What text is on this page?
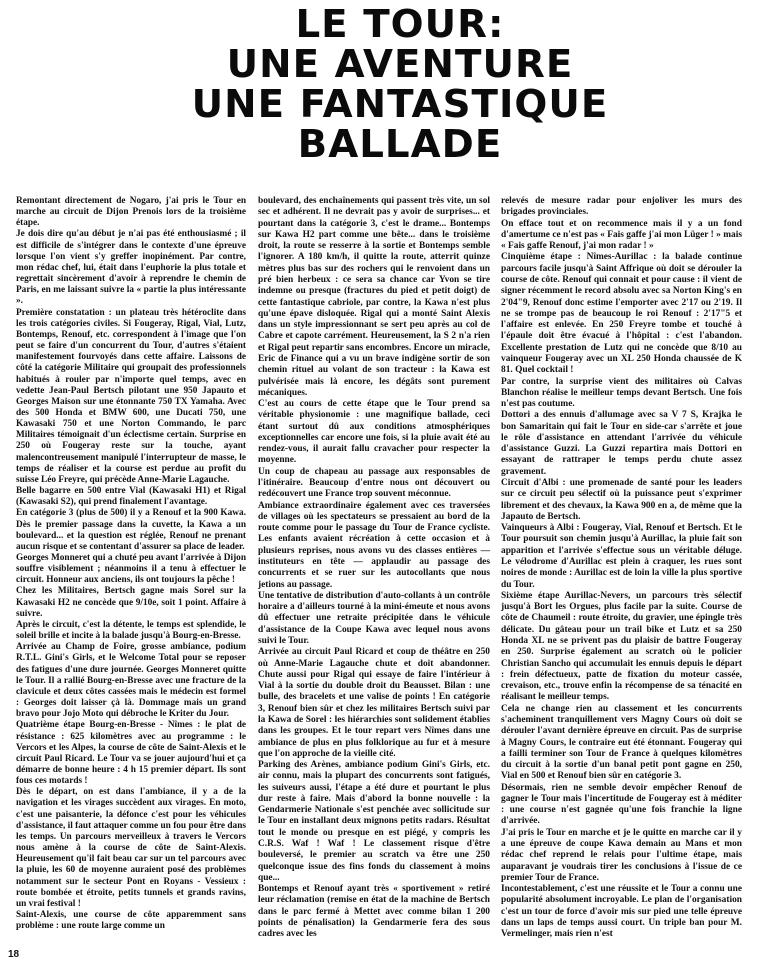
LE TOUR:
UNE AVENTURE
UNE FANTASTIQUE
BALLADE

Remontant directement de Nogaro, j'ai pris le Tour en marche au circuit de Dijon Prenois lors de la troisième étape.

Je dois dire qu'au début je n'ai pas été enthousiasmé ; il est difficile de s'intégrer dans le contexte d'une épreuve lorsque l'on vient s'y greffer inopinément. Par contre, mon rédac chef, lui, était dans l'euphorie la plus totale et regrettait sincèrement d'avoir à reprendre le chemin de Paris, en me laissant suivre la « partie la plus intéressante ».

Première constatation : un plateau très hétéroclite dans les trois catégories civiles. Si Fougeray, Rigal, Vial, Lutz, Bontemps, Renouf, etc. correspondent à l'image que l'on peut se faire d'un concurrent du Tour, d'autres s'étaient manifestement fourvoyés dans cette affaire. Laissons de côté la catégorie Militaire qui groupait des professionnels habitués à rouler par n'importe quel temps, avec en vedette Jean-Paul Bertsch pilotant une 950 Japauto et Georges Maison sur une étonnante 750 TX Yamaha. Avec des 500 Honda et BMW 600, une Ducati 750, une Kawasaki 750 et une Norton Commando, le parc Militaires témoignait d'un éclectisme certain. Surprise en 250 où Fougeray reste sur la touche, ayant malencontreusement manipulé l'interrupteur de masse, le temps de réaliser et la course est perdue au profit du suisse Léo Freyre, qui précède Anne-Marie Lagauche.

Belle bagarre en 500 entre Vial (Kawasaki H1) et Rigal (Kawasaki S2), qui prend finalement l'avantage.

En catégorie 3 (plus de 500) il y a Renouf et la 900 Kawa. Dès le premier passage dans la cuvette, la Kawa a un boulevard... et la question est réglée, Renouf ne prenant aucun risque et se contentant d'assurer sa place de leader.

Georges Monneret qui a chuté peu avant l'arrivée à Dijon souffre visiblement ; néanmoins il a tenu à effectuer le circuit. Honneur aux anciens, ils ont toujours la pêche !

Chez les Militaires, Bertsch gagne mais Sorel sur la Kawasaki H2 ne concède que 9/10e, soit 1 point. Affaire à suivre.

Après le circuit, c'est la détente, le temps est splendide, le soleil brille et incite à la balade jusqu'à Bourg-en-Bresse.

Arrivée au Champ de Foire, grosse ambiance, podium R.T.L. Gini's Girls, et le Welcome Total pour se reposer des fatigues d'une dure journée. Georges Monneret quitte le Tour. Il a rallié Bourg-en-Bresse avec une fracture de la clavicule et deux côtes cassées mais le médecin est formel : Georges doit laisser çà là. Dommage mais un grand bravo pour Jojo Moto qui débroche le Kriter du Jour.

Quatrième étape Bourg-en-Bresse - Nîmes : le plat de résistance : 625 kilomètres avec au programme : le Vercors et les Alpes, la course de côte de Saint-Alexis et le circuit Paul Ricard. Le Tour va se jouer aujourd'hui et ça démarre de bonne heure : 4 h 15 premier départ. Ils sont fous ces motards !

Dès le départ, on est dans l'ambiance, il y a de la navigation et les virages succèdent aux virages. En moto, c'est une paisanterie, la défonce c'est pour les véhicules d'assistance, il faut attaquer comme un fou pour être dans les temps. Un parcours merveilleux à travers le Vercors nous amène à la course de côte de Saint-Alexis. Heureusement qu'il fait beau car sur un tel parcours avec la pluie, les 60 de moyenne auraient posé des problèmes notamment sur le secteur Pont en Royans - Vessieux : route bombée et étroite, petits tunnels et grands ravins, un vrai festival !

Saint-Alexis, une course de côte apparemment sans problème : une route large comme un

boulevard, des enchaînements qui passent très vite, un sol sec et adhérent. Il ne devrait pas y avoir de surprises... et pourtant dans la catégorie 3, c'est le drame... Bontemps sur Kawa H2 part comme une bête... dans le troisième droit, la route se resserre à la sortie et Bontemps semble l'ignorer. A 180 km/h, il quitte la route, atterrit quinze mètres plus bas sur des rochers qui le renvoient dans un pré bien herbeux : ce sera sa chance car Yvon se tire indemne ou presque (fractures du pied et petit doigt) de cette fantastique cabriole, par contre, la Kawa n'est plus qu'une épave disloquée. Rigal qui a monté Saint Alexis dans un style impressionnant se sert peu après au col de Cabre et capote carrément. Heureusement, la S 2 n'a rien et Rigal peut repartir sans encombres. Encore un miracle, Eric de Finance qui a vu un brave indigène sortir de son chemin rituel au volant de son tracteur : la Kawa est pulvérisée mais là encore, les dégâts sont purement mécaniques.

C'est au cours de cette étape que le Tour prend sa véritable physionomie : une magnifique ballade, ceci étant surtout dû aux conditions atmosphériques exceptionnelles car encore une fois, si la pluie avait été au rendez-vous, il aurait fallu cravacher pour respecter la moyenne.

Un coup de chapeau au passage aux responsables de l'itinéraire. Beaucoup d'entre nous ont découvert ou redécouvert une France trop souvent méconnue.

Ambiance extraordinaire également avec ces traversées de villages où les spectateurs se pressaient au bord de la route comme pour le passage du Tour de France cycliste. Les enfants avaient récréation à cette occasion et à plusieurs reprises, nous avons vu des classes entières — instituteurs en tête — applaudir au passage des concurrents et se ruer sur les autocollants que nous jetions au passage.

Une tentative de distribution d'auto-collants à un contrôle horaire a d'ailleurs tourné à la mini-émeute et nous avons dû effectuer une retraite précipitée dans le véhicule d'assistance de la Coupe Kawa avec lequel nous avons suivi le Tour.

Arrivée au circuit Paul Ricard et coup de théâtre en 250 où Anne-Marie Lagauche chute et doit abandonner. Chute aussi pour Rigal qui essaye de faire l'intérieur à Vial à la sortie du double droit du Beausset. Bilan : une bulle, des bracelets et une valise de points ! En catégorie 3, Renouf bien sûr et chez les militaires Bertsch suivi par la Kawa de Sorel : les hiérarchies sont solidement établies dans les groupes. Et le tour repart vers Nîmes dans une ambiance de plus en plus folklorique au fur et à mesure que l'on approche de la vieille cité.

Parking des Arènes, ambiance podium Gini's Girls, etc. air connu, mais la plupart des concurrents sont fatigués, les suiveurs aussi, l'étape a été dure et pourtant le plus dur reste à faire. Mais d'abord la bonne nouvelle : la Gendarmerie Nationale s'est penchée avec sollicitude sur le Tour en installant deux mignons petits radars. Résultat tout le monde ou presque en est piégé, y compris les C.R.S. Waf ! Waf ! Le classement risque d'être bouleversé, le premier au scratch va être une 250 quelconque issue des fins fonds du classement à moins que...

Bontemps et Renouf ayant très « sportivement » retiré leur réclamation (remise en état de la machine de Bertsch dans le parc fermé à Mettet avec comme bilan 1 200 points de pénalisation) la Gendarmerie fera des sous cadres avec les

relevés de mesure radar pour enjoliver les murs des brigades provinciales.

On efface tout et on recommence mais il y a un fond d'amertume ce n'est pas « Fais gaffe j'ai mon Lüger ! » mais « Fais gaffe Renouf, j'ai mon radar ! »

Cinquième étape : Nîmes-Aurillac : la balade continue parcours facile jusqu'à Saint Affrique où doit se dérouler la course de côte. Renouf qui connait et pour cause : il vient de signer récemment le record absolu avec sa Norton King's en 2'04"9, Renouf donc estime l'emporter avec 2'17 ou 2'19. Il ne se trompe pas de beaucoup le roi Renouf : 2'17"5 et l'affaire est enlevée. En 250 Freyre tombe et touché à l'épaule doit être évacué à l'hôpital : c'est l'abandon. Excellente prestation de Lutz qui ne concède que 8/10 au vainqueur Fougeray avec un XL 250 Honda chaussée de K 81. Quel cocktail !

Par contre, la surprise vient des militaires où Calvas Blanchon réalise le meilleur temps devant Bertsch. Une fois n'est pas coutume.

Dottori a des ennuis d'allumage avec sa V 7 S, Krajka le bon Samaritain qui fait le Tour en side-car s'arrête et joue le rôle d'assistance en attendant l'arrivée du véhicule d'assistance Guzzi. La Guzzi repartira mais Dottori en essayant de rattraper le temps perdu chute assez gravement.

Circuit d'Albi : une promenade de santé pour les leaders sur ce circuit peu sélectif où la puissance peut s'exprimer librement et des chevaux, la Kawa 900 en a, de même que la Japauto de Bertsch.

Vainqueurs à Albi : Fougeray, Vial, Renouf et Bertsch. Et le Tour poursuit son chemin jusqu'à Aurillac, la pluie fait son apparition et l'arrivée s'effectue sous un véritable déluge. Le vélodrome d'Aurillac est plein à craquer, les rues sont noires de monde : Aurillac est de loin la ville la plus sportive du Tour.

Sixième étape Aurillac-Nevers, un parcours très sélectif jusqu'à Bort les Orgues, plus facile par la suite. Course de côte de Chaumeil : route étroite, du gravier, une épingle très délicate. Du gâteau pour un trail bike et Lutz et sa 250 Honda XL ne se privent pas du plaisir de battre Fougeray en 250. Surprise également au scratch où le policier Christian Sancho qui accumulait les ennuis depuis le départ : frein défectueux, patte de fixation du moteur cassée, crevaison, etc., trouve enfin la récompense de sa ténacité en réalisant le meilleur temps.

Cela ne change rien au classement et les concurrents s'acheminent tranquillement vers Magny Cours où doit se dérouler l'avant dernière épreuve en circuit. Pas de surprise à Magny Cours, le contraire eut été étonnant. Fougeray qui a failli terminer son Tour de France à quelques kilomètres du circuit à la sortie d'un banal petit pont gagne en 250, Vial en 500 et Renouf bien sûr en catégorie 3.

Désormais, rien ne semble devoir empêcher Renouf de gagner le Tour mais l'incertitude de Fougeray est à méditer : une course n'est gagnée qu'une fois franchie la ligne d'arrivée.

J'ai pris le Tour en marche et je le quitte en marche car il y a une épreuve de coupe Kawa demain au Mans et mon rédac chef reprend le relais pour l'ultime étape, mais auparavant je voudrais tirer les conclusions à l'issue de ce premier Tour de France.

Incontestablement, c'est une réussite et le Tour a connu une popularité absolument incroyable. Le plan de l'organisation c'est un tour de force d'avoir mis sur pied une telle épreuve dans un laps de temps aussi court. Un triple ban pour M. Vermelinger, mais rien n'est

18
